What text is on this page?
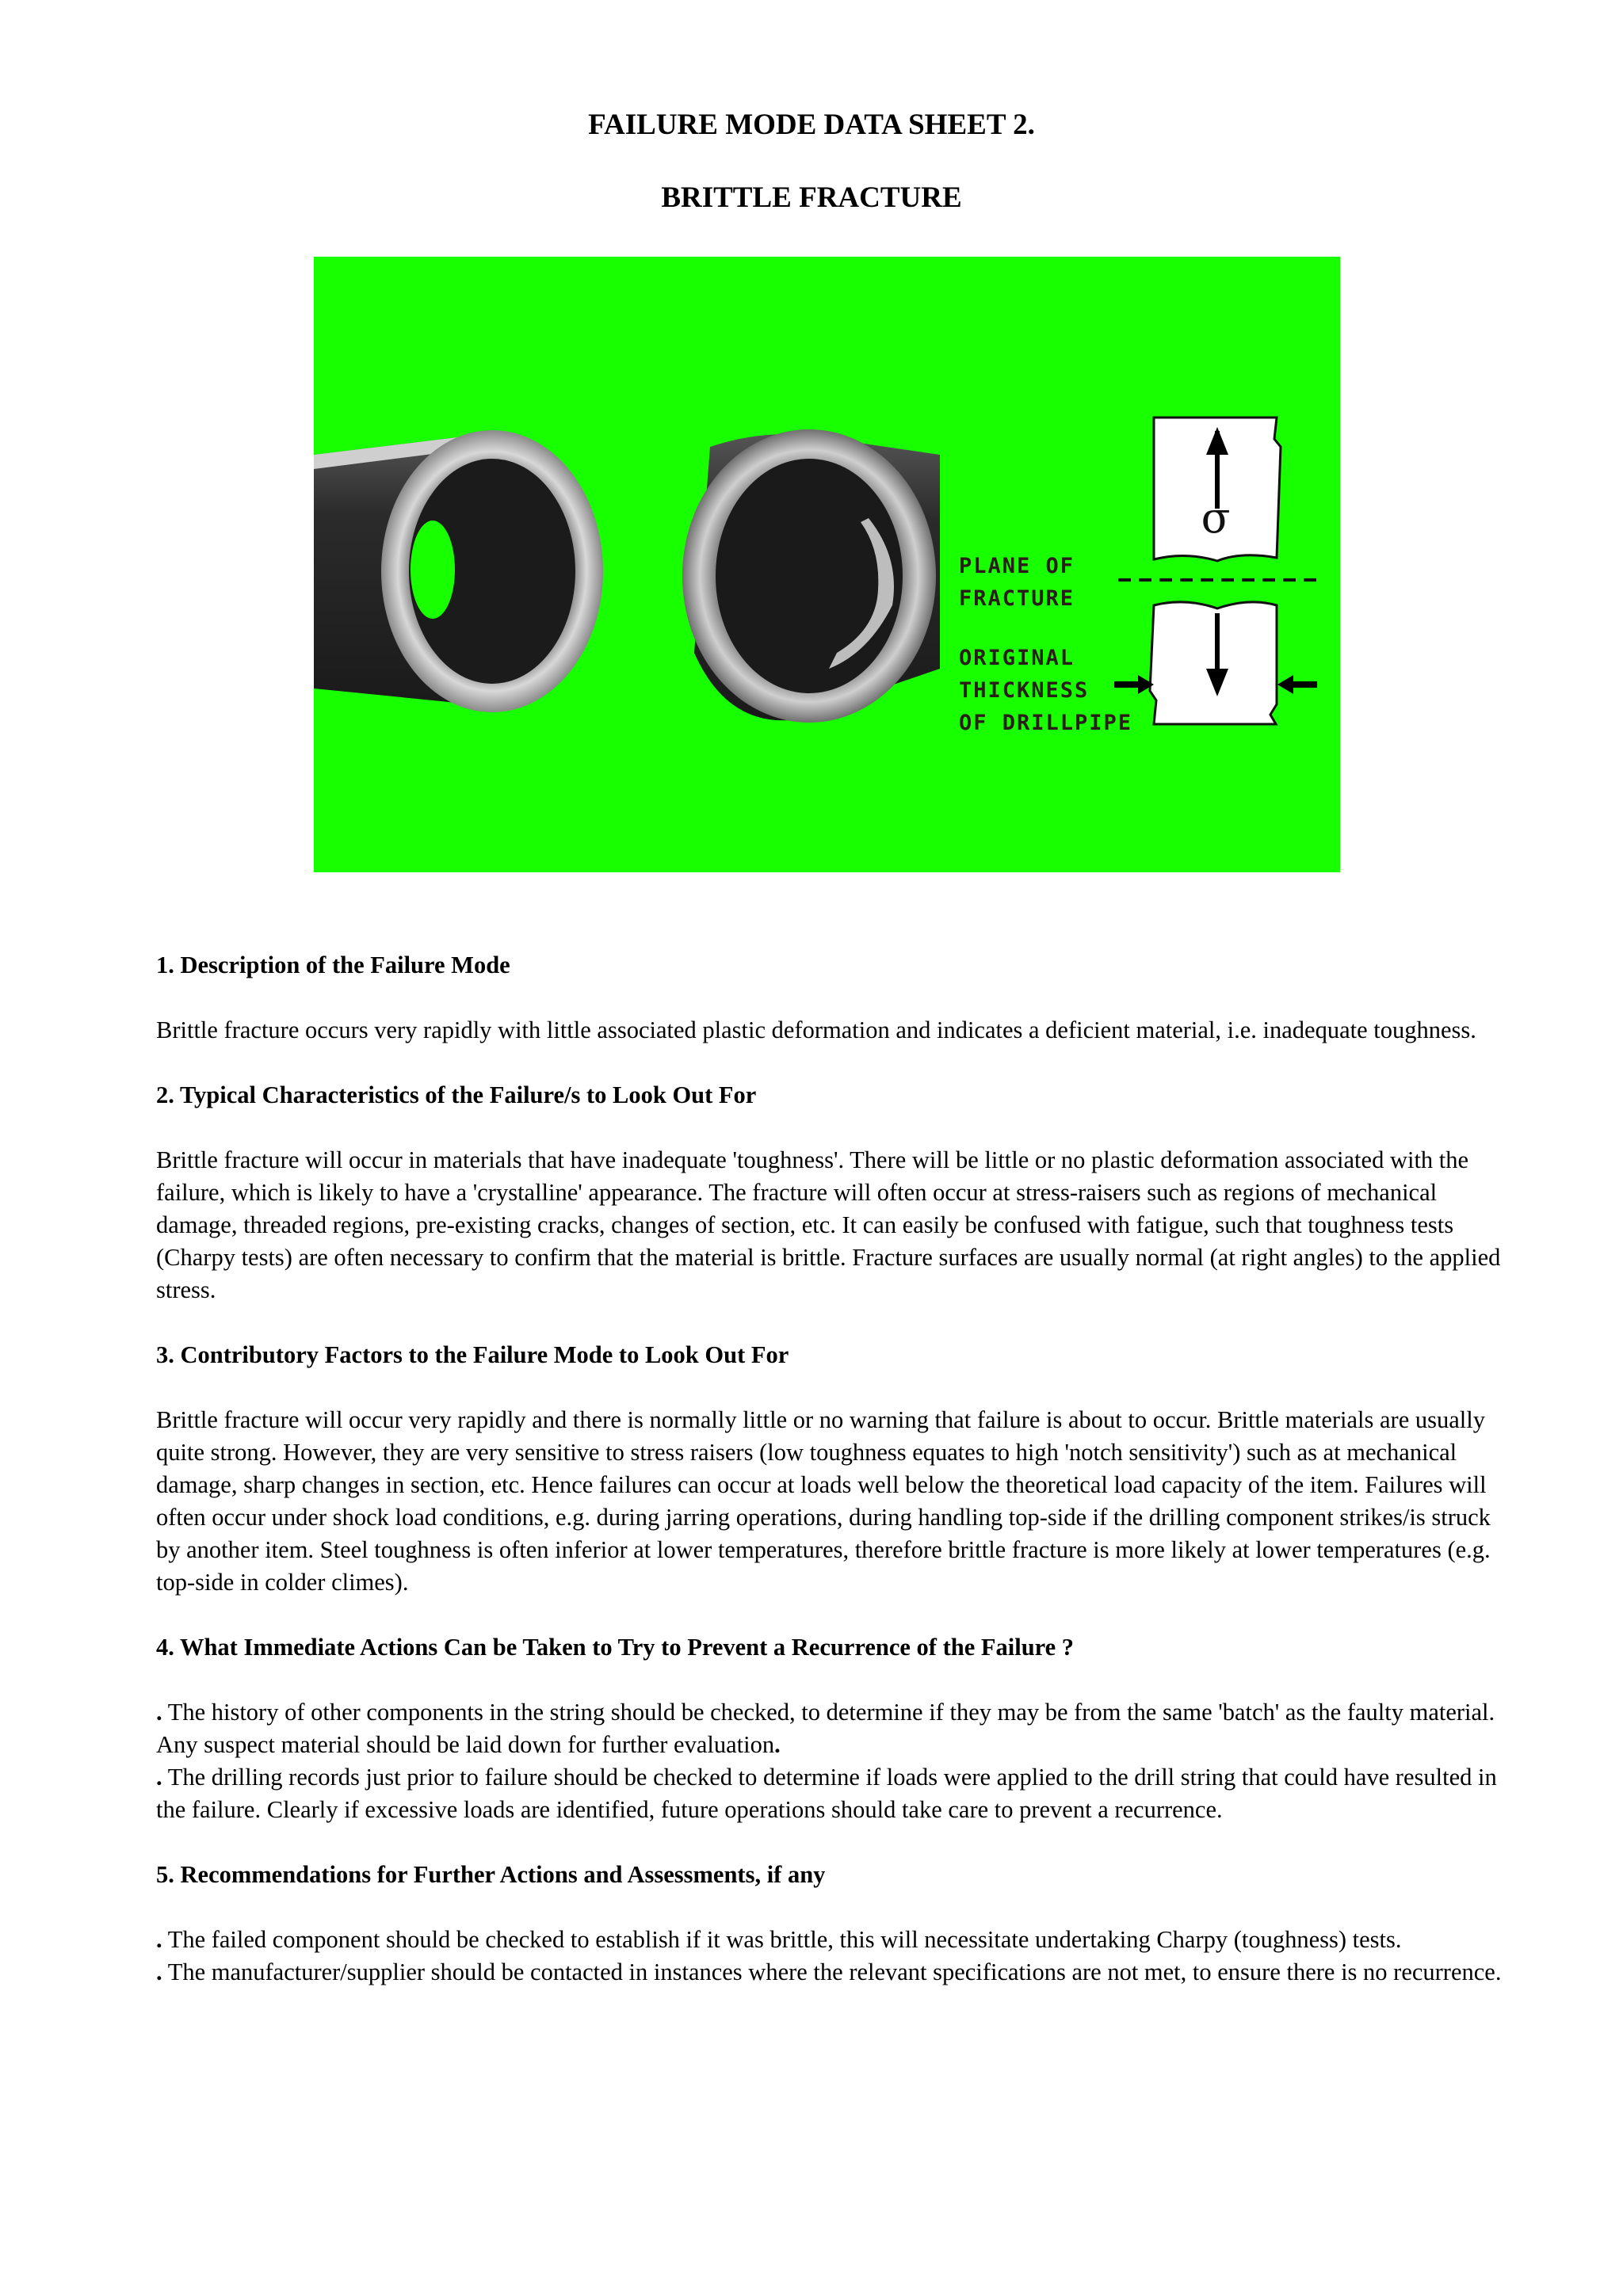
FAILURE MODE DATA SHEET 2.
BRITTLE FRACTURE
PLANE OF
FRACTURE
ORIGINAL
THICKNESS
OF DRILLPIPE
σ

1. Description of the Failure Mode

Brittle fracture occurs very rapidly with little associated plastic deformation and indicates a deficient material, i.e. inadequate toughness.

2. Typical Characteristics of the Failure/s to Look Out For

Brittle fracture will occur in materials that have inadequate 'toughness'. There will be little or no plastic deformation associated with the failure, which is likely to have a 'crystalline' appearance. The fracture will often occur at stress-raisers such as regions of mechanical damage, threaded regions, pre-existing cracks, changes of section, etc. It can easily be confused with fatigue, such that toughness tests (Charpy tests) are often necessary to confirm that the material is brittle. Fracture surfaces are usually normal (at right angles) to the applied stress.

3. Contributory Factors to the Failure Mode to Look Out For

Brittle fracture will occur very rapidly and there is normally little or no warning that failure is about to occur. Brittle materials are usually quite strong. However, they are very sensitive to stress raisers (low toughness equates to high 'notch sensitivity') such as at mechanical damage, sharp changes in section, etc. Hence failures can occur at loads well below the theoretical load capacity of the item. Failures will often occur under shock load conditions, e.g. during jarring operations, during handling top-side if the drilling component strikes/is struck by another item. Steel toughness is often inferior at lower temperatures, therefore brittle fracture is more likely at lower temperatures (e.g. top-side in colder climes).

4. What Immediate Actions Can be Taken to Try to Prevent a Recurrence of the Failure ?

. The history of other components in the string should be checked, to determine if they may be from the same 'batch' as the faulty material. Any suspect material should be laid down for further evaluation.

. The drilling records just prior to failure should be checked to determine if loads were applied to the drill string that could have resulted in the failure. Clearly if excessive loads are identified, future operations should take care to prevent a recurrence.

5. Recommendations for Further Actions and Assessments, if any

. The failed component should be checked to establish if it was brittle, this will necessitate undertaking Charpy (toughness) tests.

. The manufacturer/supplier should be contacted in instances where the relevant specifications are not met, to ensure there is no recurrence.
